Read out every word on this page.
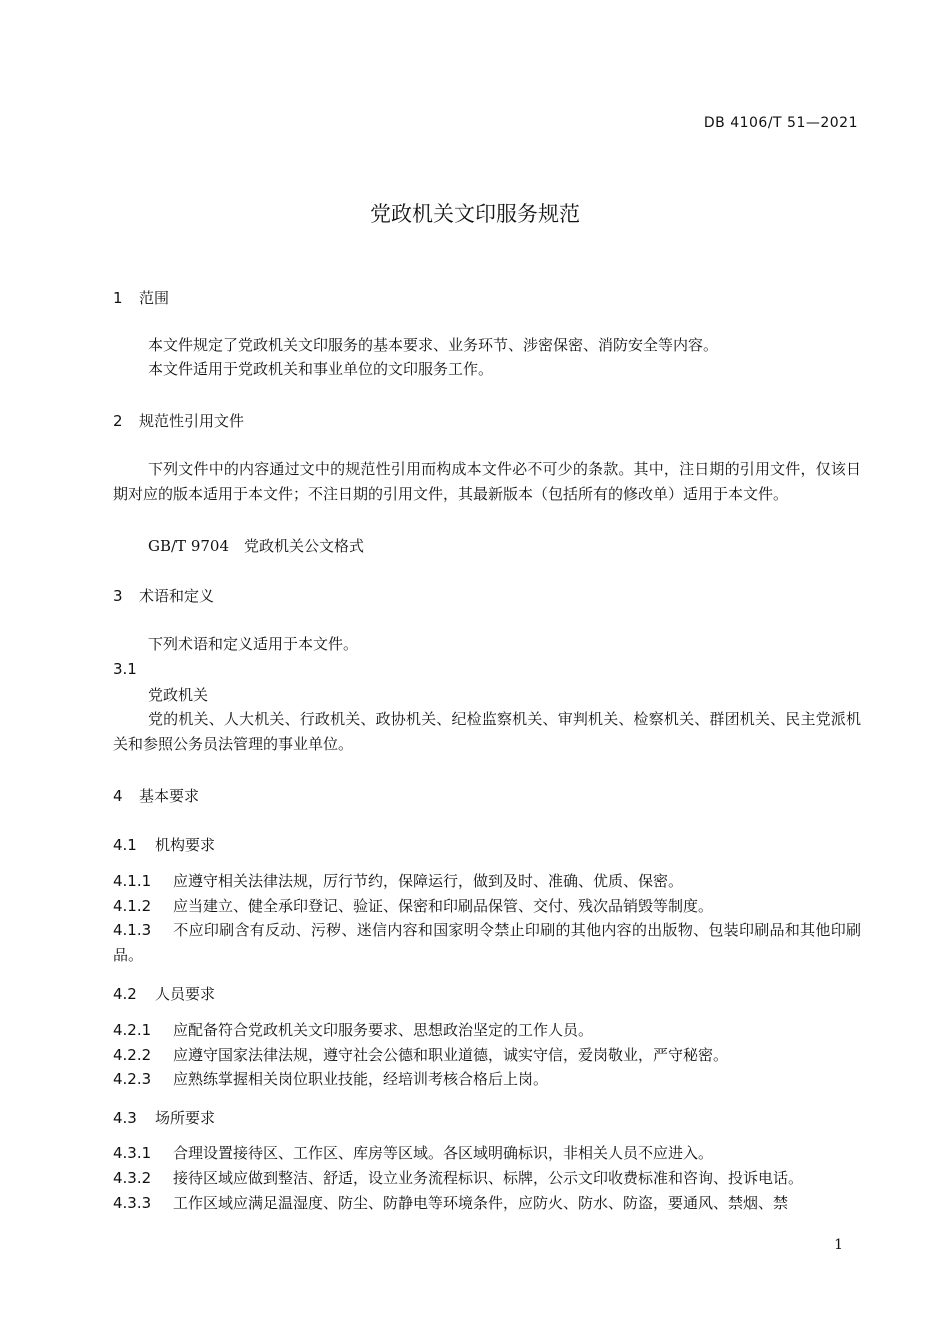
DB 4106/T 51—2021
党政机关文印服务规范
1 范围
本文件规定了党政机关文印服务的基本要求、业务环节、涉密保密、消防安全等内容。
本文件适用于党政机关和事业单位的文印服务工作。
2 规范性引用文件
下列文件中的内容通过文中的规范性引用而构成本文件必不可少的条款。其中，注日期的引用文件，仅该日期对应的版本适用于本文件；不注日期的引用文件，其最新版本（包括所有的修改单）适用于本文件。
GB/T 9704　党政机关公文格式
3 术语和定义
下列术语和定义适用于本文件。
3.1
党政机关
党的机关、人大机关、行政机关、政协机关、纪检监察机关、审判机关、检察机关、群团机关、民主党派机关和参照公务员法管理的事业单位。
4 基本要求
4.1 机构要求
4.1.1 应遵守相关法律法规，厉行节约，保障运行，做到及时、准确、优质、保密。
4.1.2 应当建立、健全承印登记、验证、保密和印刷品保管、交付、残次品销毁等制度。
4.1.3 不应印刷含有反动、污秽、迷信内容和国家明令禁止印刷的其他内容的出版物、包装印刷品和其他印刷品。
4.2 人员要求
4.2.1 应配备符合党政机关文印服务要求、思想政治坚定的工作人员。
4.2.2 应遵守国家法律法规，遵守社会公德和职业道德，诚实守信，爱岗敬业，严守秘密。
4.2.3 应熟练掌握相关岗位职业技能，经培训考核合格后上岗。
4.3 场所要求
4.3.1 合理设置接待区、工作区、库房等区域。各区域明确标识，非相关人员不应进入。
4.3.2 接待区域应做到整洁、舒适，设立业务流程标识、标牌，公示文印收费标准和咨询、投诉电话。
4.3.3 工作区域应满足温湿度、防尘、防静电等环境条件，应防火、防水、防盗，要通风、禁烟、禁
1
